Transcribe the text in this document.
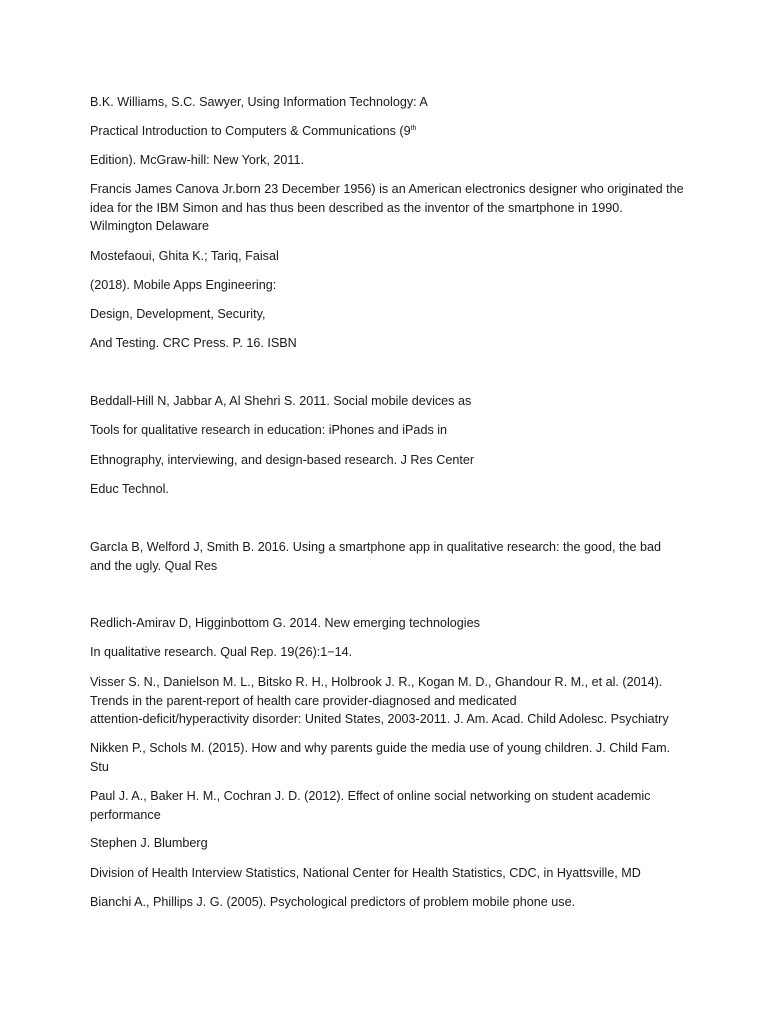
B.K. Williams, S.C. Sawyer, Using Information Technology: A

Practical Introduction to Computers & Communications (9th

Edition). McGraw-hill: New York, 2011.

Francis James Canova Jr.born 23 December 1956) is an American electronics designer who originated the
idea for the IBM Simon and has thus been described as the inventor of the smartphone in 1990.
Wilmington Delaware

Mostefaoui, Ghita K.; Tariq, Faisal

(2018). Mobile Apps Engineering:

Design, Development, Security,

And Testing. CRC Press. P. 16. ISBN

Beddall-Hill N, Jabbar A, Al Shehri S. 2011. Social mobile devices as

Tools for qualitative research in education: iPhones and iPads in

Ethnography, interviewing, and design-based research. J Res Center

Educ Technol.

GarcIa B, Welford J, Smith B. 2016. Using a smartphone app in qualitative research: the good, the bad
and the ugly. Qual Res

Redlich-Amirav D, Higginbottom G. 2014. New emerging technologies

In qualitative research. Qual Rep. 19(26):1−14.

Visser S. N., Danielson M. L., Bitsko R. H., Holbrook J. R., Kogan M. D., Ghandour R. M., et al. (2014).
Trends in the parent-report of health care provider-diagnosed and medicated
attention-deficit/hyperactivity disorder: United States, 2003-2011. J. Am. Acad. Child Adolesc. Psychiatry

Nikken P., Schols M. (2015). How and why parents guide the media use of young children. J. Child Fam.
Stu

Paul J. A., Baker H. M., Cochran J. D. (2012). Effect of online social networking on student academic
performance

Stephen J. Blumberg

Division of Health Interview Statistics, National Center for Health Statistics, CDC, in Hyattsville, MD

Bianchi A., Phillips J. G. (2005). Psychological predictors of problem mobile phone use.
